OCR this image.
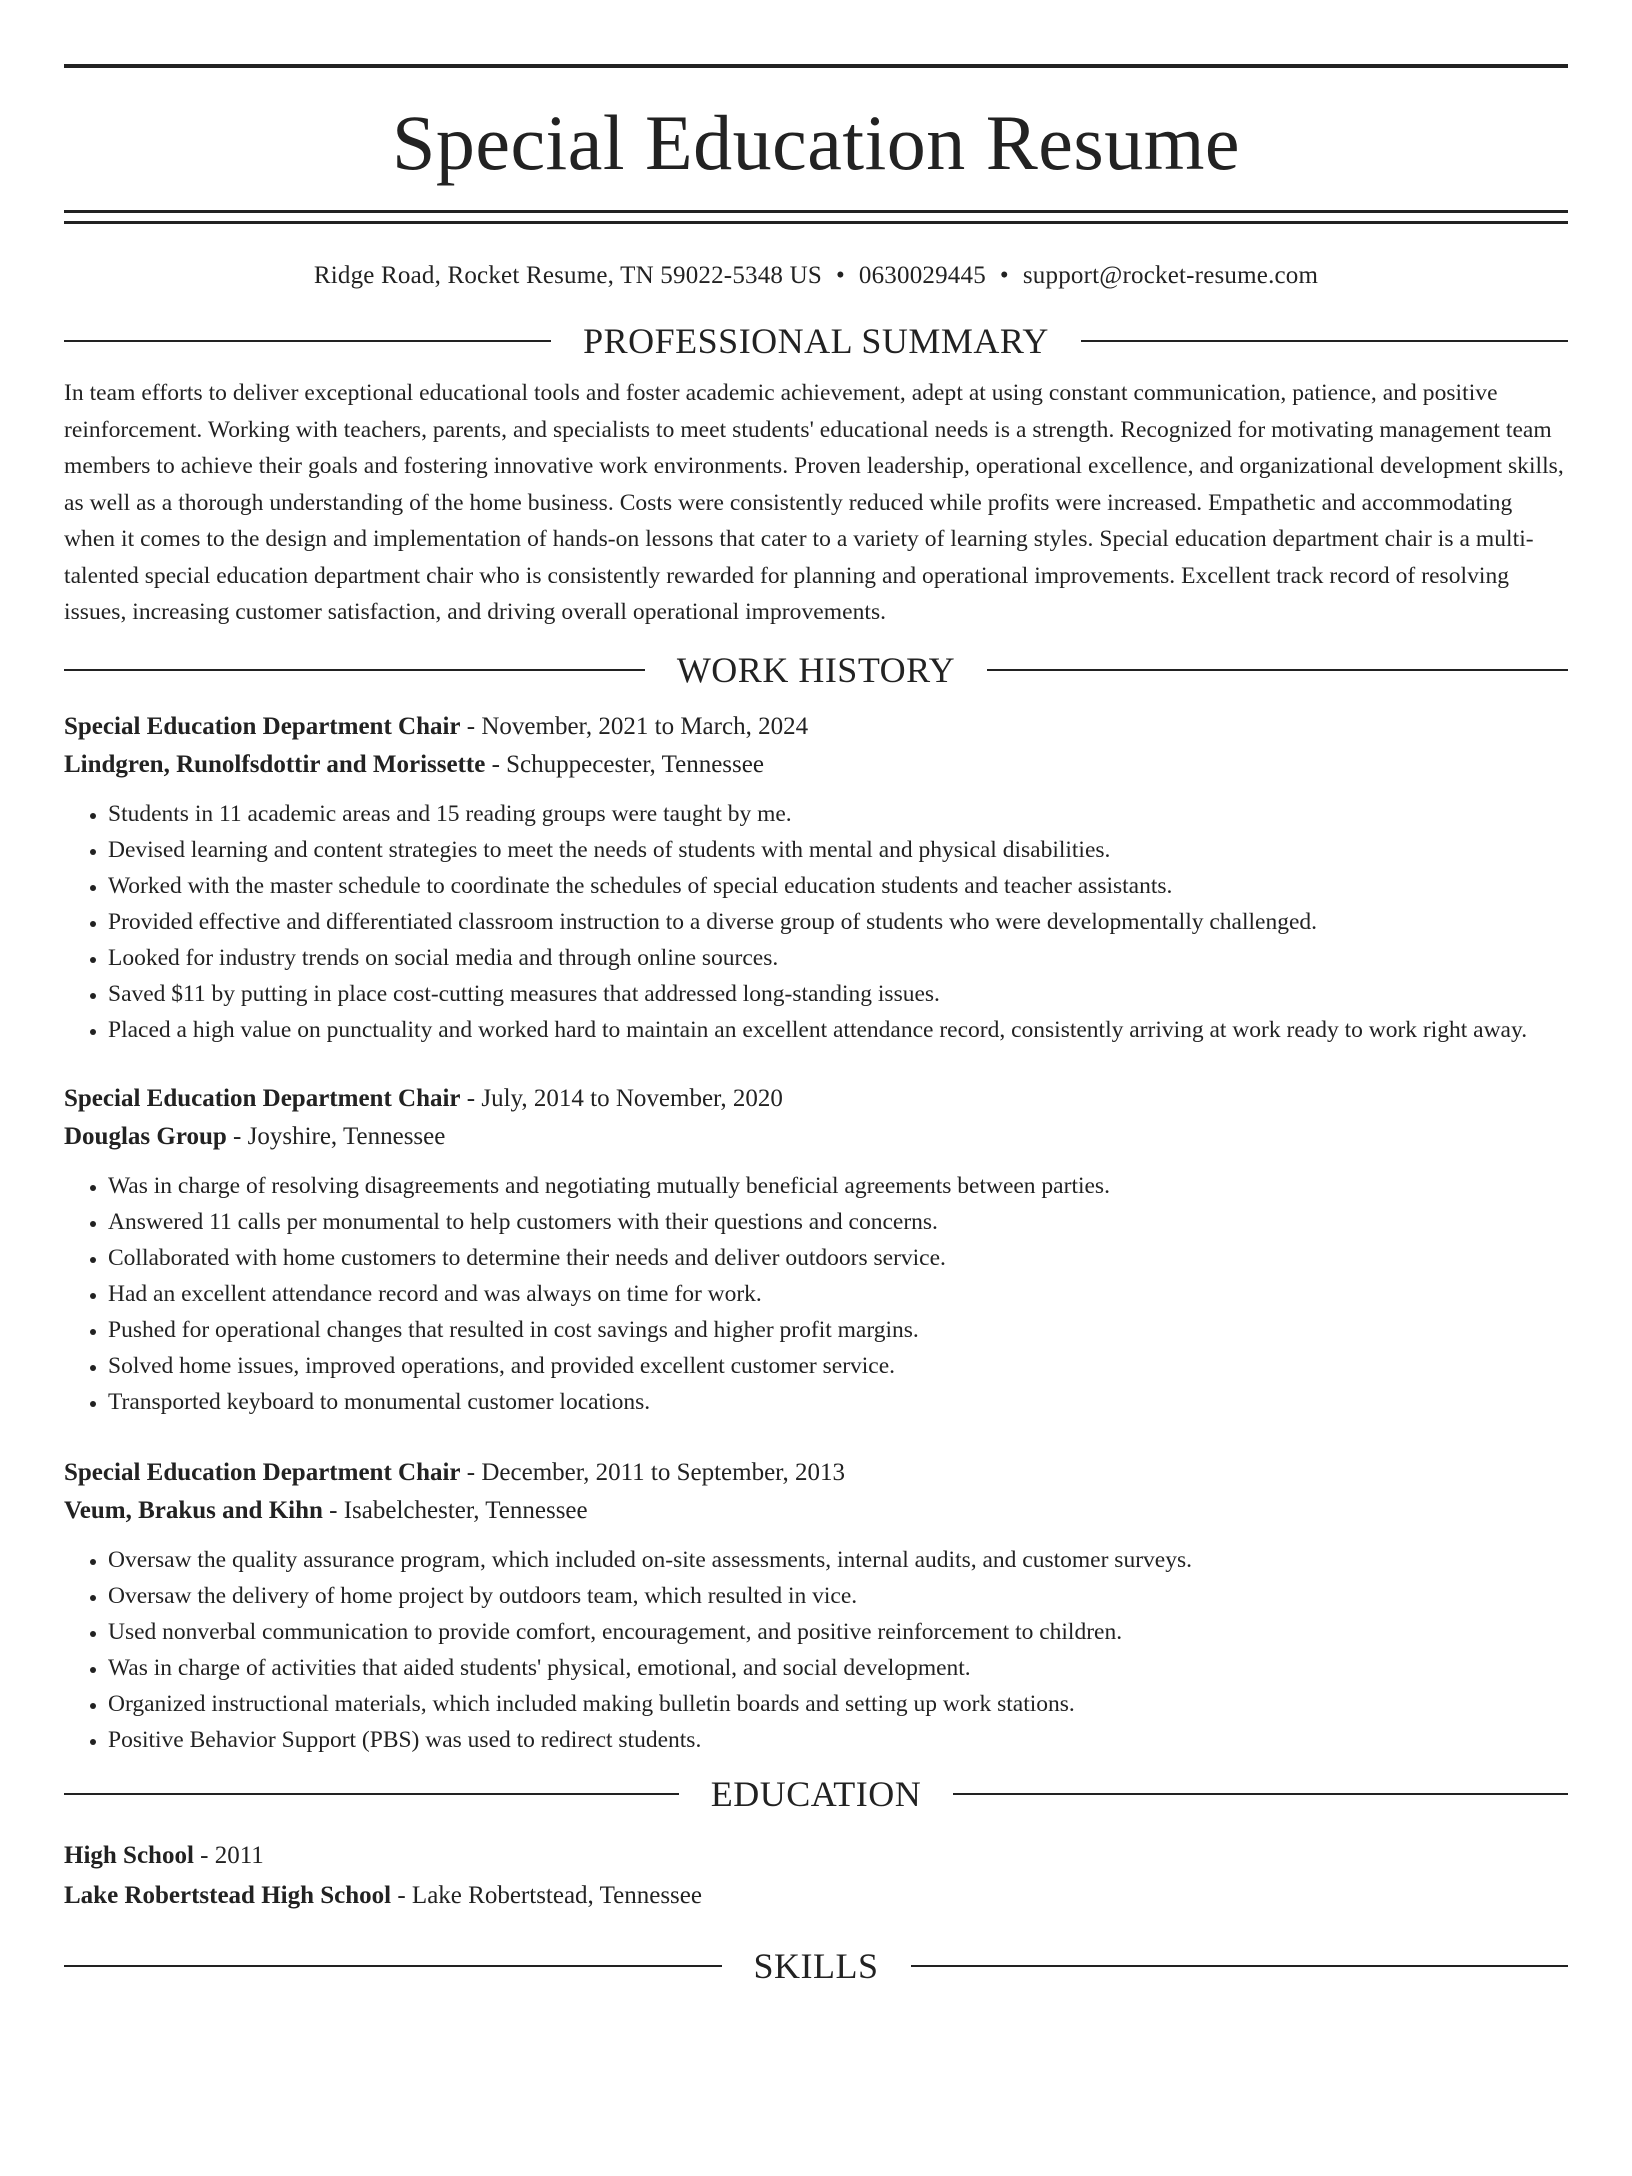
Special Education Resume
Ridge Road, Rocket Resume, TN 59022-5348 US • 0630029445 • support@rocket-resume.com
PROFESSIONAL SUMMARY

In team efforts to deliver exceptional educational tools and foster academic achievement, adept at using constant communication, patience, and positive reinforcement. Working with teachers, parents, and specialists to meet students' educational needs is a strength. Recognized for motivating management team members to achieve their goals and fostering innovative work environments. Proven leadership, operational excellence, and organizational development skills, as well as a thorough understanding of the home business. Costs were consistently reduced while profits were increased. Empathetic and accommodating when it comes to the design and implementation of hands-on lessons that cater to a variety of learning styles. Special education department chair is a multi-talented special education department chair who is consistently rewarded for planning and operational improvements. Excellent track record of resolving issues, increasing customer satisfaction, and driving overall operational improvements.

WORK HISTORY
Special Education Department Chair - November, 2021 to March, 2024
Lindgren, Runolfsdottir and Morissette - Schuppecester, Tennessee
• Students in 11 academic areas and 15 reading groups were taught by me.
• Devised learning and content strategies to meet the needs of students with mental and physical disabilities.
• Worked with the master schedule to coordinate the schedules of special education students and teacher assistants.
• Provided effective and differentiated classroom instruction to a diverse group of students who were developmentally challenged.
• Looked for industry trends on social media and through online sources.
• Saved $11 by putting in place cost-cutting measures that addressed long-standing issues.
• Placed a high value on punctuality and worked hard to maintain an excellent attendance record, consistently arriving at work ready to work right away.
Special Education Department Chair - July, 2014 to November, 2020
Douglas Group - Joyshire, Tennessee
• Was in charge of resolving disagreements and negotiating mutually beneficial agreements between parties.
• Answered 11 calls per monumental to help customers with their questions and concerns.
• Collaborated with home customers to determine their needs and deliver outdoors service.
• Had an excellent attendance record and was always on time for work.
• Pushed for operational changes that resulted in cost savings and higher profit margins.
• Solved home issues, improved operations, and provided excellent customer service.
• Transported keyboard to monumental customer locations.
Special Education Department Chair - December, 2011 to September, 2013
Veum, Brakus and Kihn - Isabelchester, Tennessee
• Oversaw the quality assurance program, which included on-site assessments, internal audits, and customer surveys.
• Oversaw the delivery of home project by outdoors team, which resulted in vice.
• Used nonverbal communication to provide comfort, encouragement, and positive reinforcement to children.
• Was in charge of activities that aided students' physical, emotional, and social development.
• Organized instructional materials, which included making bulletin boards and setting up work stations.
• Positive Behavior Support (PBS) was used to redirect students.
EDUCATION
High School - 2011
Lake Robertstead High School - Lake Robertstead, Tennessee
SKILLS
